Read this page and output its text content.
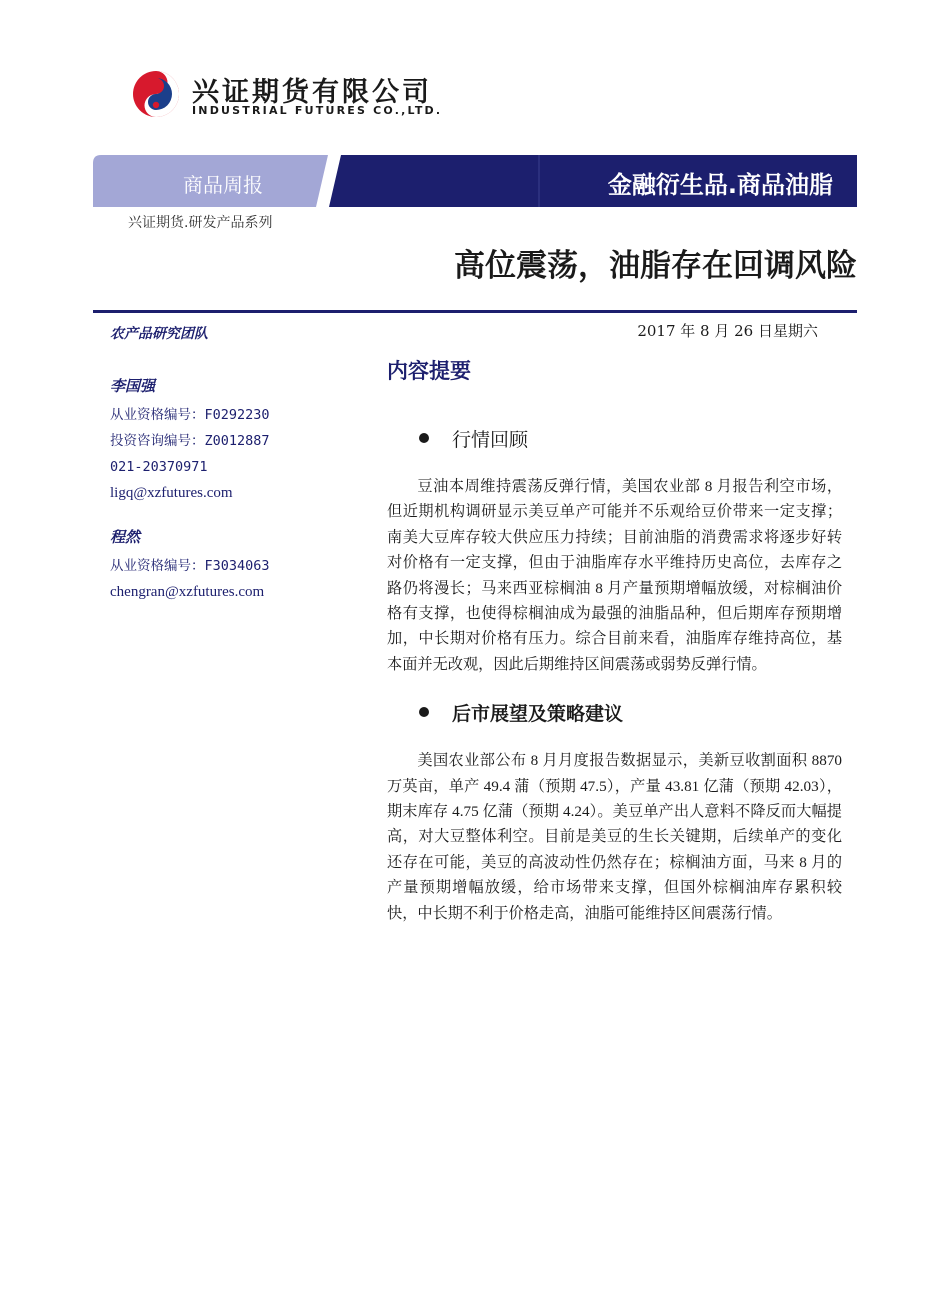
兴证期货有限公司
INDUSTRIAL FUTURES CO.,LTD.
商品周报	金融衍生品.商品油脂
兴证期货.研发产品系列
高位震荡，油脂存在回调风险
农产品研究团队	2017 年 8 月 26 日星期六
李国强
从业资格编号：F0292230
投资咨询编号：Z0012887
021-20370971
ligq@xzfutures.com
程然
从业资格编号：F3034063
chengran@xzfutures.com
内容提要
行情回顾
豆油本周维持震荡反弹行情，美国农业部 8 月报告利空市场，但近期机构调研显示美豆单产可能并不乐观给豆价带来一定支撑；南美大豆库存较大供应压力持续；目前油脂的消费需求将逐步好转对价格有一定支撑，但由于油脂库存水平维持历史高位，去库存之路仍将漫长；马来西亚棕榈油 8 月产量预期增幅放缓，对棕榈油价格有支撑，也使得棕榈油成为最强的油脂品种，但后期库存预期增加，中长期对价格有压力。综合目前来看，油脂库存维持高位，基本面并无改观，因此后期维持区间震荡或弱势反弹行情。
后市展望及策略建议
美国农业部公布 8 月月度报告数据显示，美新豆收割面积 8870 万英亩，单产 49.4 蒲（预期 47.5），产量 43.81 亿蒲（预期 42.03），期末库存 4.75 亿蒲（预期 4.24）。美豆单产出人意料不降反而大幅提高，对大豆整体利空。目前是美豆的生长关键期，后续单产的变化还存在可能，美豆的高波动性仍然存在；棕榈油方面，马来 8 月的产量预期增幅放缓，给市场带来支撑，但国外棕榈油库存累积较快，中长期不利于价格走高，油脂可能维持区间震荡行情。
